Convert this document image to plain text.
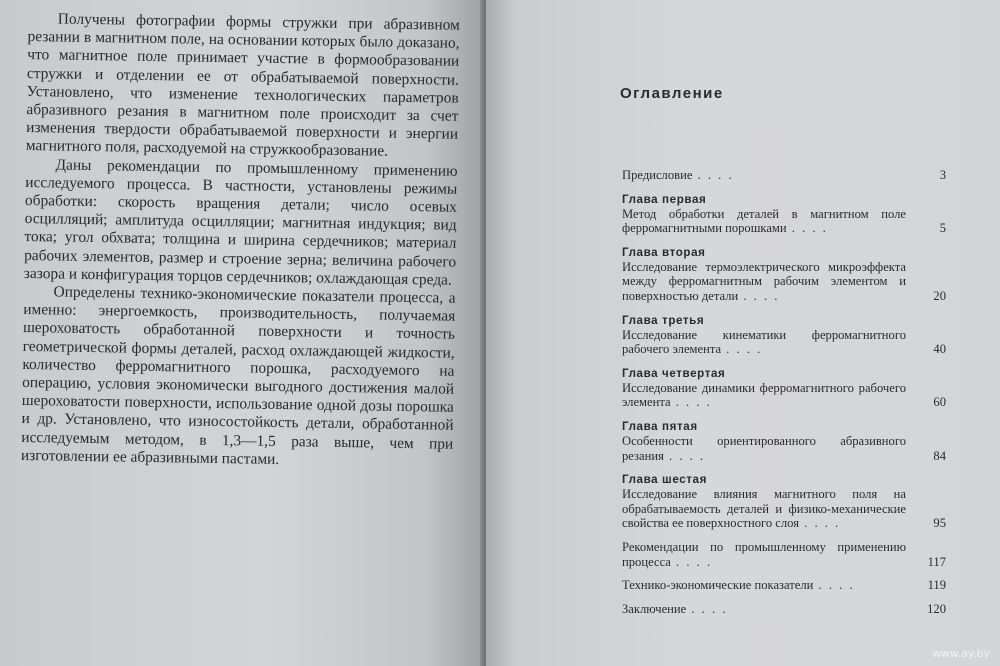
Получены фотографии формы стружки при абразивном резании в магнитном поле, на основании которых было доказано, что магнитное поле принимает участие в формообразовании стружки и отделении ее от обрабатываемой поверхности. Установлено, что изменение технологических параметров абразивного резания в магнитном поле происходит за счет изменения твердости обрабатываемой поверхности и энергии магнитного поля, расходуемой на стружкообразование.

Даны рекомендации по промышленному применению исследуемого процесса. В частности, установлены режимы обработки: скорость вращения детали; число осевых осцилляций; амплитуда осцилляции; магнитная индукция; вид тока; угол обхвата; толщина и ширина сердечников; материал рабочих элементов, размер и строение зерна; величина рабочего зазора и конфигурация торцов сердечников; охлаждающая среда.

Определены технико-экономические показатели процесса, а именно: энергоемкость, производительность, получаемая шероховатость обработанной поверхности и точность геометрической формы деталей, расход охлаждающей жидкости, количество ферромагнитного порошка, расходуемого на операцию, условия экономически выгодного достижения малой шероховатости поверхности, использование одной дозы порошка и др. Установлено, что износостойкость детали, обработанной исследуемым методом, в 1,3—1,5 раза выше, чем при изготовлении ее абразивными пастами.

Оглавление
Предисловие . . . .	3
Глава первая
Метод обработки деталей в магнитном поле ферромагнитными порошками . . . .	5
Глава вторая
Исследование термоэлектрического микроэффекта между ферромагнитным рабочим элементом и поверхностью детали . . . .	20
Глава третья
Исследование кинематики ферромагнитного рабочего элемента . . . .	40
Глава четвертая
Исследование динамики ферромагнитного рабочего элемента . . . .	60
Глава пятая
Особенности ориентированного абразивного резания . . . .	84
Глава шестая
Исследование влияния магнитного поля на обрабатываемость деталей и физико-механические свойства ее поверхностного слоя . . . .	95
Рекомендации по промышленному применению процесса . . . .	117
Технико-экономические показатели . . . .	119
Заключение . . . .	120
www.ay.by
